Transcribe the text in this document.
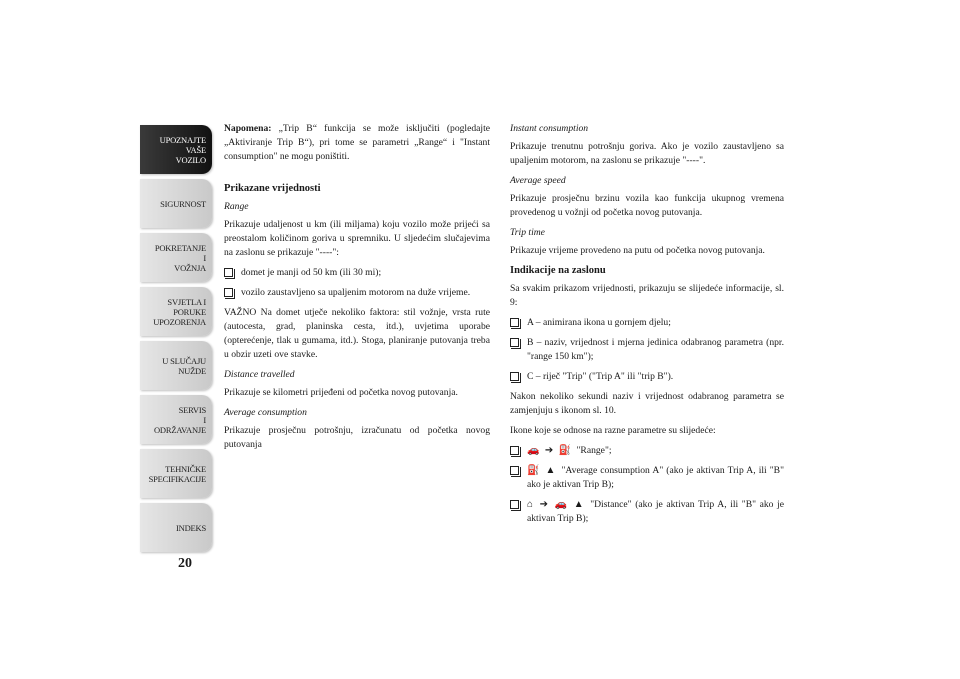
UPOZNAJTE
VAŠE
VOZILO
SIGURNOST
POKRETANJE
I
VOŽNJA
SVJETLA I
PORUKE
UPOZORENJA
U SLUČAJU
NUŽDE
SERVIS
I
ODRŽAVANJE
TEHNIČKE
SPECIFIKACIJE
INDEKS
20

Napomena: „Trip B“ funkcija se može isključiti (pogledajte „Aktiviranje Trip B“), pri tome se parametri „Range“ i "Instant consumption" ne mogu poništiti.

Prikazane vrijednosti
Range

Prikazuje udaljenost u km (ili miljama) koju vozilo može prijeći sa preostalom količinom goriva u spremniku. U sljedećim slučajevima na zaslonu se prikazuje "----":

domet je manji od 50 km (ili 30 mi);
vozilo zaustavljeno sa upaljenim motorom na duže vrijeme.

VAŽNO Na domet utječe nekoliko faktora: stil vožnje, vrsta rute (autocesta, grad, planinska cesta, itd.), uvjetima uporabe (opterećenje, tlak u gumama, itd.). Stoga, planiranje putovanja treba u obzir uzeti ove stavke.

Distance travelled

Prikazuje se kilometri prijeđeni od početka novog putovanja.

Average consumption

Prikazuje prosječnu potrošnju, izračunatu od početka novog putovanja

Instant consumption

Prikazuje trenutnu potrošnju goriva. Ako je vozilo zaustavljeno sa upaljenim motorom, na zaslonu se prikazuje "----".

Average speed

Prikazuje prosječnu brzinu vozila kao funkcija ukupnog vremena provedenog u vožnji od početka novog putovanja.

Trip time

Prikazuje vrijeme provedeno na putu od početka novog putovanja.

Indikacije na zaslonu

Sa svakim prikazom vrijednosti, prikazuju se slijedeće informacije, sl. 9:

A – animirana ikona u gornjem djelu;
B – naziv, vrijednost i mjerna jedinica odabranog parametra (npr. "range 150 km");
C – riječ "Trip" ("Trip A" ili "trip B").

Nakon nekoliko sekundi naziv i vrijednost odabranog parametra se zamjenjuju s ikonom sl. 10.

Ikone koje se odnose na razne parametre su slijedeće:

🚗 ➔ ⛽ "Range";
⛽ ▲ "Average consumption A" (ako je aktivan Trip A, ili "B" ako je aktivan Trip B);
⌂ ➔ 🚗 ▲ "Distance" (ako je aktivan Trip A, ili "B" ako je aktivan Trip B);
